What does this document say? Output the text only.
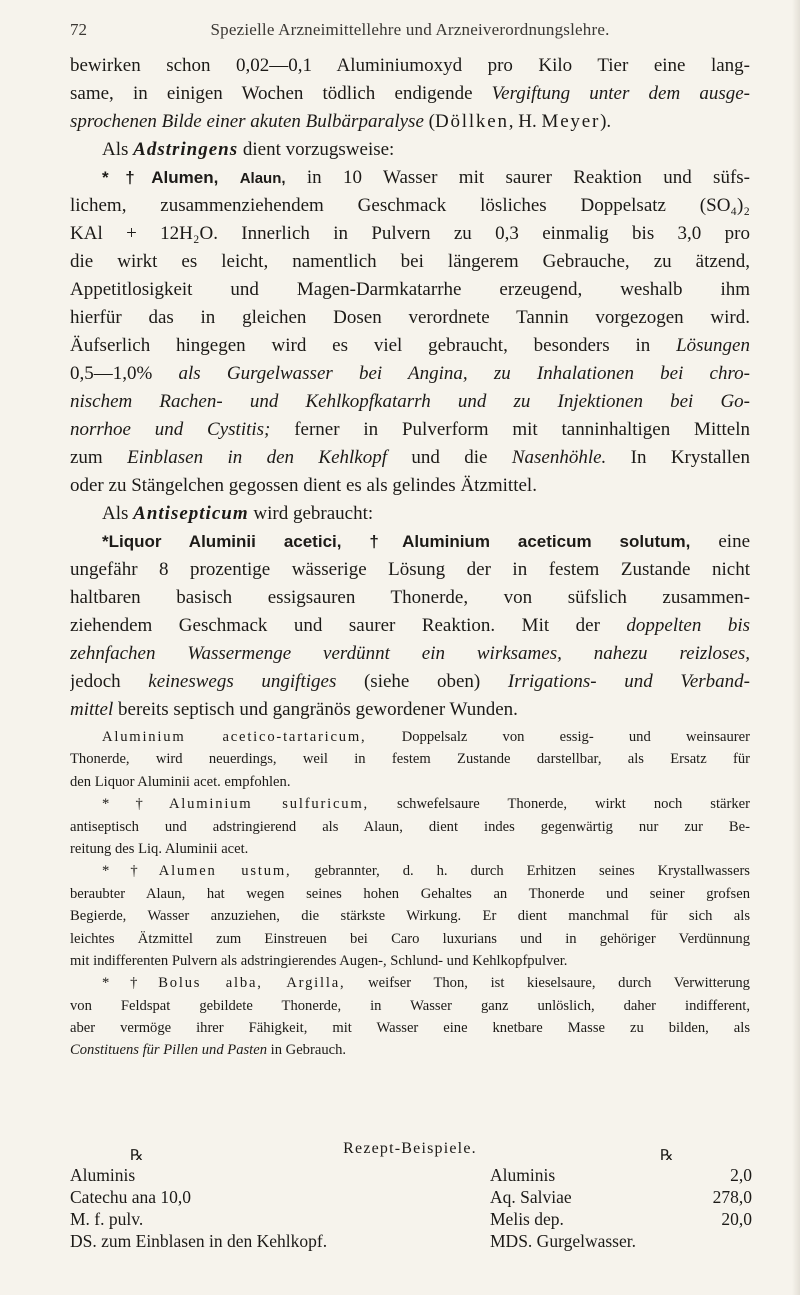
72	Spezielle Arzneimittellehre und Arzneiverordnungslehre.
bewirken schon 0,02—0,1 Aluminiumoxyd pro Kilo Tier eine lang-
same, in einigen Wochen tödlich endigende Vergiftung unter dem ausge-
sprochenen Bilde einer akuten Bulbärparalyse (Döllken, H. Meyer).
Als Adstringens dient vorzugsweise:
*†Alumen, Alaun, in 10 Wasser mit saurer Reaktion und süfs-
lichem, zusammenziehendem Geschmack lösliches Doppelsatz (SO₄)₂
KAl + 12H₂O. Innerlich in Pulvern zu 0,3 einmalig bis 3,0 pro
die wirkt es leicht, namentlich bei längerem Gebrauche, zu ätzend,
Appetitlosigkeit und Magen-Darmkatarrhe erzeugend, weshalb ihm
hierfür das in gleichen Dosen verordnete Tannin vorgezogen wird.
Äufserlich hingegen wird es viel gebraucht, besonders in Lösungen
0,5—1,0% als Gurgelwasser bei Angina, zu Inhalationen bei chro-
nischem Rachen- und Kehlkopfkatarrh und zu Injektionen bei Go-
norrhoe und Cystitis; ferner in Pulverform mit tanninhaltigen Mitteln
zum Einblasen in den Kehlkopf und die Nasenhöhle. In Krystallen
oder zu Stängelchen gegossen dient es als gelindes Ätzmittel.
Als Antisepticum wird gebraucht:
*Liquor Aluminii acetici, †Aluminium aceticum solutum, eine
ungefähr 8 prozentige wässerige Lösung der in festem Zustande nicht
haltbaren basisch essigsauren Thonerde, von süfslich zusammen-
ziehendem Geschmack und saurer Reaktion. Mit der doppelten bis
zehnfachen Wassermenge verdünnt ein wirksames, nahezu reizloses,
jedoch keineswegs ungiftiges (siehe oben) Irrigations- und Verband-
mittel bereits septisch und gangränös gewordener Wunden.
Aluminium acetico-tartaricum, Doppelsalz von essig- und weinsaurer
Thonerde, wird neuerdings, weil in festem Zustande darstellbar, als Ersatz für
den Liquor Aluminii acet. empfohlen.
*†Aluminium sulfuricum, schwefelsaure Thonerde, wirkt noch stärker
antiseptisch und adstringierend als Alaun, dient indes gegenwärtig nur zur Be-
reitung des Liq. Aluminii acet.
*†Alumen ustum, gebrannter, d. h. durch Erhitzen seines Krystallwassers
beraubter Alaun, hat wegen seines hohen Gehaltes an Thonerde und seiner grofsen
Begierde, Wasser anzuziehen, die stärkste Wirkung. Er dient manchmal für sich als
leichtes Ätzmittel zum Einstreuen bei Caro luxurians und in gehöriger Verdünnung
mit indifferenten Pulvern als adstringierendes Augen-, Schlund- und Kehlkopfpulver.
*†Bolus alba, Argilla, weifser Thon, ist kieselsaure, durch Verwitterung
von Feldspat gebildete Thonerde, in Wasser ganz unlöslich, daher indifferent,
aber vermöge ihrer Fähigkeit, mit Wasser eine knetbare Masse zu bilden, als
Constituens für Pillen und Pasten in Gebrauch.
Rezept-Beispiele.
℞	℞
Aluminis
Catechu ana 10,0
M. f. pulv.
DS. zum Einblasen in den Kehlkopf.
Aluminis	2,0
Aq. Salviae	278,0
Melis dep.	20,0
MDS. Gurgelwasser.
